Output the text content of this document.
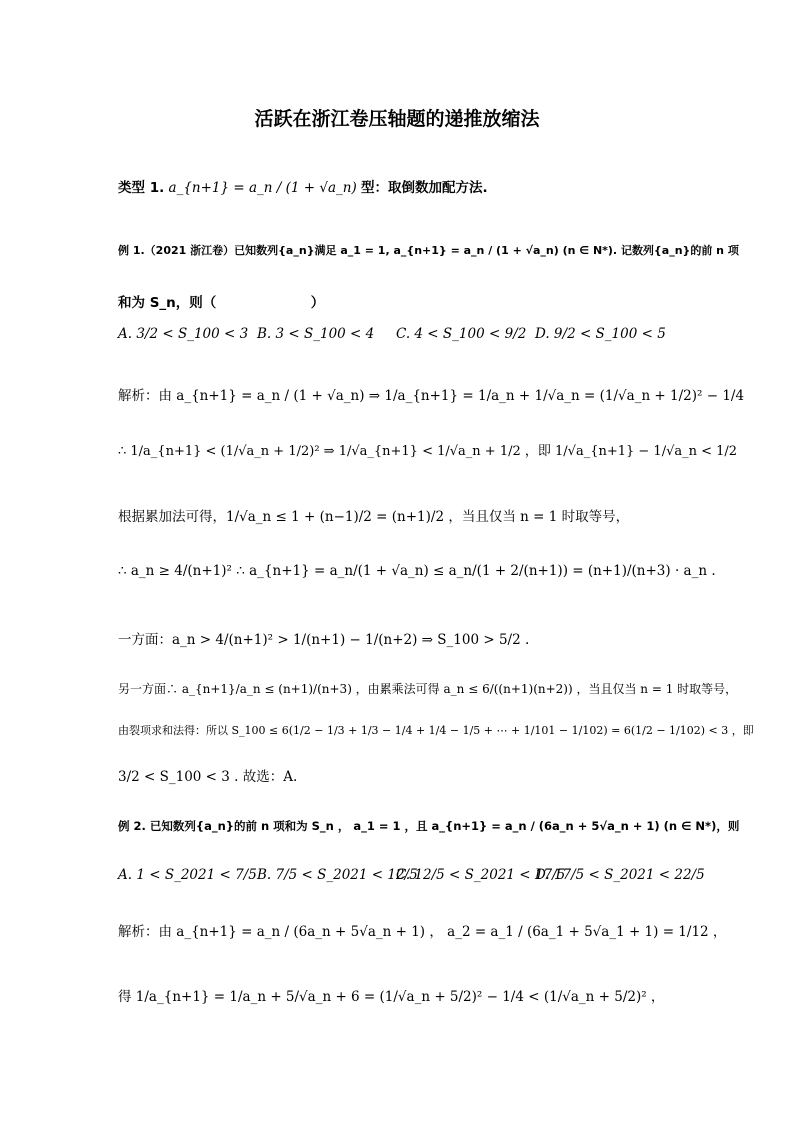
活跃在浙江卷压轴题的递推放缩法
类型 1. a_{n+1} = a_n / (1 + √a_n) 型：取倒数加配方法.
例 1.（2021 浙江卷）已知数列{a_n}满足 a_1 = 1, a_{n+1} = a_n / (1 + √a_n) (n ∈ N*). 记数列{a_n}的前 n 项
和为 S_n，则（　　　　　　　）
A. 3/2 < S_100 < 3 B. 3 < S_100 < 4 C. 4 < S_100 < 9/2 D. 9/2 < S_100 < 5
解析：由 a_{n+1} = a_n / (1 + √a_n) ⇒ 1/a_{n+1} = 1/a_n + 1/√a_n = (1/√a_n + 1/2)² − 1/4
∴ 1/a_{n+1} < (1/√a_n + 1/2)² ⇒ 1/√a_{n+1} < 1/√a_n + 1/2 ，即 1/√a_{n+1} − 1/√a_n < 1/2
根据累加法可得，1/√a_n ≤ 1 + (n−1)/2 = (n+1)/2 ，当且仅当 n = 1 时取等号，
∴ a_n ≥ 4/(n+1)² ∴ a_{n+1} = a_n/(1 + √a_n) ≤ a_n/(1 + 2/(n+1)) = (n+1)/(n+3) · a_n .
一方面：a_n > 4/(n+1)² > 1/(n+1) − 1/(n+2) ⇒ S_100 > 5/2 .
另一方面∴ a_{n+1}/a_n ≤ (n+1)/(n+3) ，由累乘法可得 a_n ≤ 6/((n+1)(n+2)) ，当且仅当 n = 1 时取等号，
由裂项求和法得：所以 S_100 ≤ 6(1/2 − 1/3 + 1/3 − 1/4 + 1/4 − 1/5 + ⋯ + 1/101 − 1/102) = 6(1/2 − 1/102) < 3 ，即
3/2 < S_100 < 3 . 故选：A.
例 2. 已知数列{a_n}的前 n 项和为 S_n ， a_1 = 1 ，且 a_{n+1} = a_n / (6a_n + 5√a_n + 1) (n ∈ N*)，则
A. 1 < S_2021 < 7/5 B. 7/5 < S_2021 < 12/5
C. 12/5 < S_2021 < 17/5
D. 17/5 < S_2021 < 22/5
解析：由 a_{n+1} = a_n / (6a_n + 5√a_n + 1) ， a_2 = a_1 / (6a_1 + 5√a_1 + 1) = 1/12 ，
得 1/a_{n+1} = 1/a_n + 5/√a_n + 6 = (1/√a_n + 5/2)² − 1/4 < (1/√a_n + 5/2)² ，
